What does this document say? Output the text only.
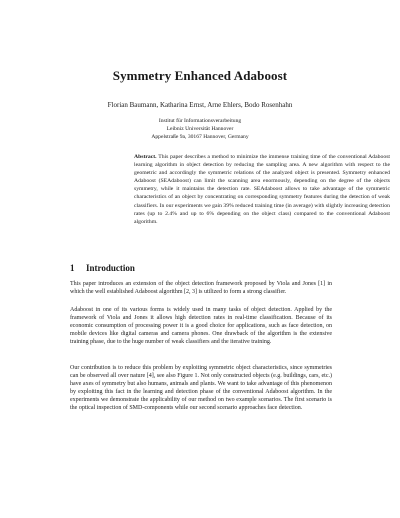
Symmetry Enhanced Adaboost
Florian Baumann, Katharina Ernst, Arne Ehlers, Bodo Rosenhahn
Institut für Informationsverarbeitung
Leibniz Universität Hannover
Appelstraße 9a, 30167 Hannover, Germany
Abstract. This paper describes a method to minimize the immense training time of the conventional Adaboost learning algorithm in object detection by reducing the sampling area. A new algorithm with respect to the geometric and accordingly the symmetric relations of the analyzed object is presented. Symmetry enhanced Adaboost (SEAdaboost) can limit the scanning area enormously, depending on the degree of the objects symmetry, while it maintains the detection rate. SEAdaboost allows to take advantage of the symmetric characteristics of an object by concentrating on corresponding symmetry features during the detection of weak classifiers. In our experiments we gain 39% reduced training time (in average) with slightly increasing detection rates (up to 2.4% and up to 6% depending on the object class) compared to the conventional Adaboost algorithm.
1 Introduction

This paper introduces an extension of the object detection framework proposed by Viola and Jones [1] in which the well established Adaboost algorithm [2, 3] is utilized to form a strong classifier.

Adaboost in one of its various forms is widely used in many tasks of object detection. Applied by the framework of Viola and Jones it allows high detection rates in real-time classification. Because of its economic consumption of processing power it is a good choice for applications, such as face detection, on mobile devices like digital cameras and camera phones. One drawback of the algorithm is the extensive training phase, due to the huge number of weak classifiers and the iterative training.

Our contribution is to reduce this problem by exploiting symmetric object characteristics, since symmetries can be observed all over nature [4], see also Figure 1. Not only constructed objects (e.g. buildings, cars, etc.) have axes of symmetry but also humans, animals and plants. We want to take advantage of this phenomenon by exploiting this fact in the learning and detection phase of the conventional Adaboost algorithm. In the experiments we demonstrate the applicability of our method on two example scenarios. The first scenario is the optical inspection of SMD-components while our second scenario approaches face detection.
